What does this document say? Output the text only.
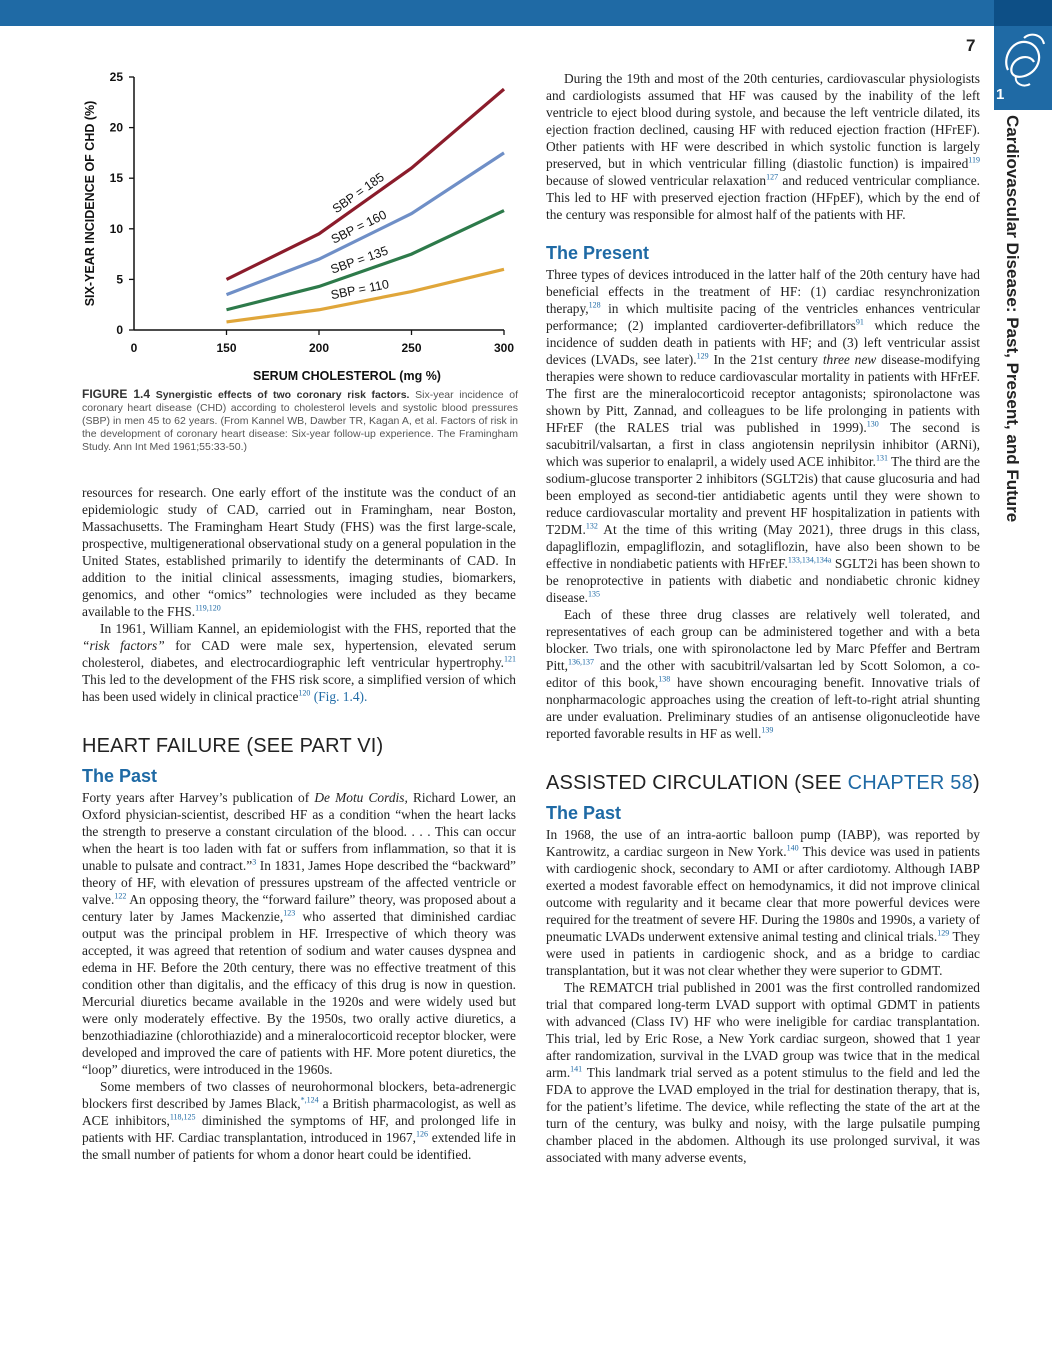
7
1
Cardiovascular Disease: Past, Present, and Future
0
5
10
15
20
25
0	150	200	250	300
SERUM CHOLESTEROL (mg %)
SIX-YEAR INCIDENCE OF CHD (%)	SBP = 185
SBP = 160
SBP = 135
SBP = 110
FIGURE 1.4 Synergistic effects of two coronary risk factors. Six-year incidence of coronary heart disease (CHD) according to cholesterol levels and systolic blood pressures (SBP) in men 45 to 62 years. (From Kannel WB, Dawber TR, Kagan A, et al. Factors of risk in the development of coronary heart disease: Six-year follow-up experience. The Framingham Study. Ann Int Med 1961;55:33-50.)

resources for research. One early effort of the institute was the conduct of an epidemiologic study of CAD, carried out in Framingham, near Boston, Massachusetts. The Framingham Heart Study (FHS) was the first large-scale, prospective, multigenerational observational study on a general population in the United States, established primarily to identify the determinants of CAD. In addition to the initial clinical assessments, imaging studies, biomarkers, genomics, and other “omics” technologies were included as they became available to the FHS.$^{119,120}$

In 1961, William Kannel, an epidemiologist with the FHS, reported that the “risk factors” for CAD were male sex, hypertension, elevated serum cholesterol, diabetes, and electrocardiographic left ventricular hypertrophy.$^{121}$ This led to the development of the FHS risk score, a simplified version of which has been used widely in clinical practice$^{120}$ (Fig. 1.4).

HEART FAILURE (SEE PART VI)
The Past

Forty years after Harvey’s publication of De Motu Cordis, Richard Lower, an Oxford physician-scientist, described HF as a condition “when the heart lacks the strength to preserve a constant circulation of the blood. . . . This can occur when the heart is too laden with fat or suffers from inflammation, so that it is unable to pulsate and contract.”$^3$ In 1831, James Hope described the “backward” theory of HF, with elevation of pressures upstream of the affected ventricle or valve.$^{122}$ An opposing theory, the “forward failure” theory, was proposed about a century later by James Mackenzie,$^{123}$ who asserted that diminished cardiac output was the principal problem in HF. Irrespective of which theory was accepted, it was agreed that retention of sodium and water causes dyspnea and edema in HF. Before the 20th century, there was no effective treatment of this condition other than digitalis, and the efficacy of this drug is now in question. Mercurial diuretics became available in the 1920s and were widely used but were only moderately effective. By the 1950s, two orally active diuretics, a benzothiadiazine (chlorothiazide) and a mineralocorticoid receptor blocker, were developed and improved the care of patients with HF. More potent diuretics, the “loop” diuretics, were introduced in the 1960s.

Some members of two classes of neurohormonal blockers, beta-adrenergic blockers first described by James Black,$^{*,124}$ a British pharmacologist, as well as ACE inhibitors,$^{118,125}$ diminished the symptoms of HF, and prolonged life in patients with HF. Cardiac transplantation, introduced in 1967,$^{126}$ extended life in the small number of patients for whom a donor heart could be identified.

During the 19th and most of the 20th centuries, cardiovascular physiologists and cardiologists assumed that HF was caused by the inability of the left ventricle to eject blood during systole, and because the left ventricle dilated, its ejection fraction declined, causing HF with reduced ejection fraction (HFrEF). Other patients with HF were described in which systolic function is largely preserved, but in which ventricular filling (diastolic function) is impaired$^{119}$ because of slowed ventricular relaxation$^{127}$ and reduced ventricular compliance. This led to HF with preserved ejection fraction (HFpEF), which by the end of the century was responsible for almost half of the patients with HF.

The Present

Three types of devices introduced in the latter half of the 20th century have had beneficial effects in the treatment of HF: (1) cardiac resynchronization therapy,$^{128}$ in which multisite pacing of the ventricles enhances ventricular performance; (2) implanted cardioverter-defibrillators$^{91}$ which reduce the incidence of sudden death in patients with HF; and (3) left ventricular assist devices (LVADs, see later).$^{129}$ In the 21st century three new disease-modifying therapies were shown to reduce cardiovascular mortality in patients with HFrEF. The first are the mineralocorticoid receptor antagonists; spironolactone was shown by Pitt, Zannad, and colleagues to be life prolonging in patients with HFrEF (the RALES trial was published in 1999).$^{130}$ The second is sacubitril/valsartan, a first in class angiotensin neprilysin inhibitor (ARNi), which was superior to enalapril, a widely used ACE inhibitor.$^{131}$ The third are the sodium-glucose transporter 2 inhibitors (SGLT2is) that cause glucosuria and had been employed as second-tier antidiabetic agents until they were shown to reduce cardiovascular mortality and prevent HF hospitalization in patients with T2DM.$^{132}$ At the time of this writing (May 2021), three drugs in this class, dapagliflozin, empagliflozin, and sotagliflozin, have also been shown to be effective in nondiabetic patients with HFrEF.$^{133,134,134a}$ SGLT2i has been shown to be renoprotective in patients with diabetic and nondiabetic chronic kidney disease.$^{135}$

Each of these three drug classes are relatively well tolerated, and representatives of each group can be administered together and with a beta blocker. Two trials, one with spironolactone led by Marc Pfeffer and Bertram Pitt,$^{136,137}$ and the other with sacubitril/valsartan led by Scott Solomon, a co-editor of this book,$^{138}$ have shown encouraging benefit. Innovative trials of nonpharmacologic approaches using the creation of left-to-right atrial shunting are under evaluation. Preliminary studies of an antisense oligonucleotide have reported favorable results in HF as well.$^{139}$

ASSISTED CIRCULATION (SEE CHAPTER 58)
The Past

In 1968, the use of an intra-aortic balloon pump (IABP), was reported by Kantrowitz, a cardiac surgeon in New York.$^{140}$ This device was used in patients with cardiogenic shock, secondary to AMI or after cardiotomy. Although IABP exerted a modest favorable effect on hemodynamics, it did not improve clinical outcome with regularity and it became clear that more powerful devices were required for the treatment of severe HF. During the 1980s and 1990s, a variety of pneumatic LVADs underwent extensive animal testing and clinical trials.$^{129}$ They were used in patients in cardiogenic shock, and as a bridge to cardiac transplantation, but it was not clear whether they were superior to GDMT.

The REMATCH trial published in 2001 was the first controlled randomized trial that compared long-term LVAD support with optimal GDMT in patients with advanced (Class IV) HF who were ineligible for cardiac transplantation. This trial, led by Eric Rose, a New York cardiac surgeon, showed that 1 year after randomization, survival in the LVAD group was twice that in the medical arm.$^{141}$ This landmark trial served as a potent stimulus to the field and led the FDA to approve the LVAD employed in the trial for destination therapy, that is, for the patient’s lifetime. The device, while reflecting the state of the art at the turn of the century, was bulky and noisy, with the large pulsatile pumping chamber placed in the abdomen. Although its use prolonged survival, it was associated with many adverse events,
